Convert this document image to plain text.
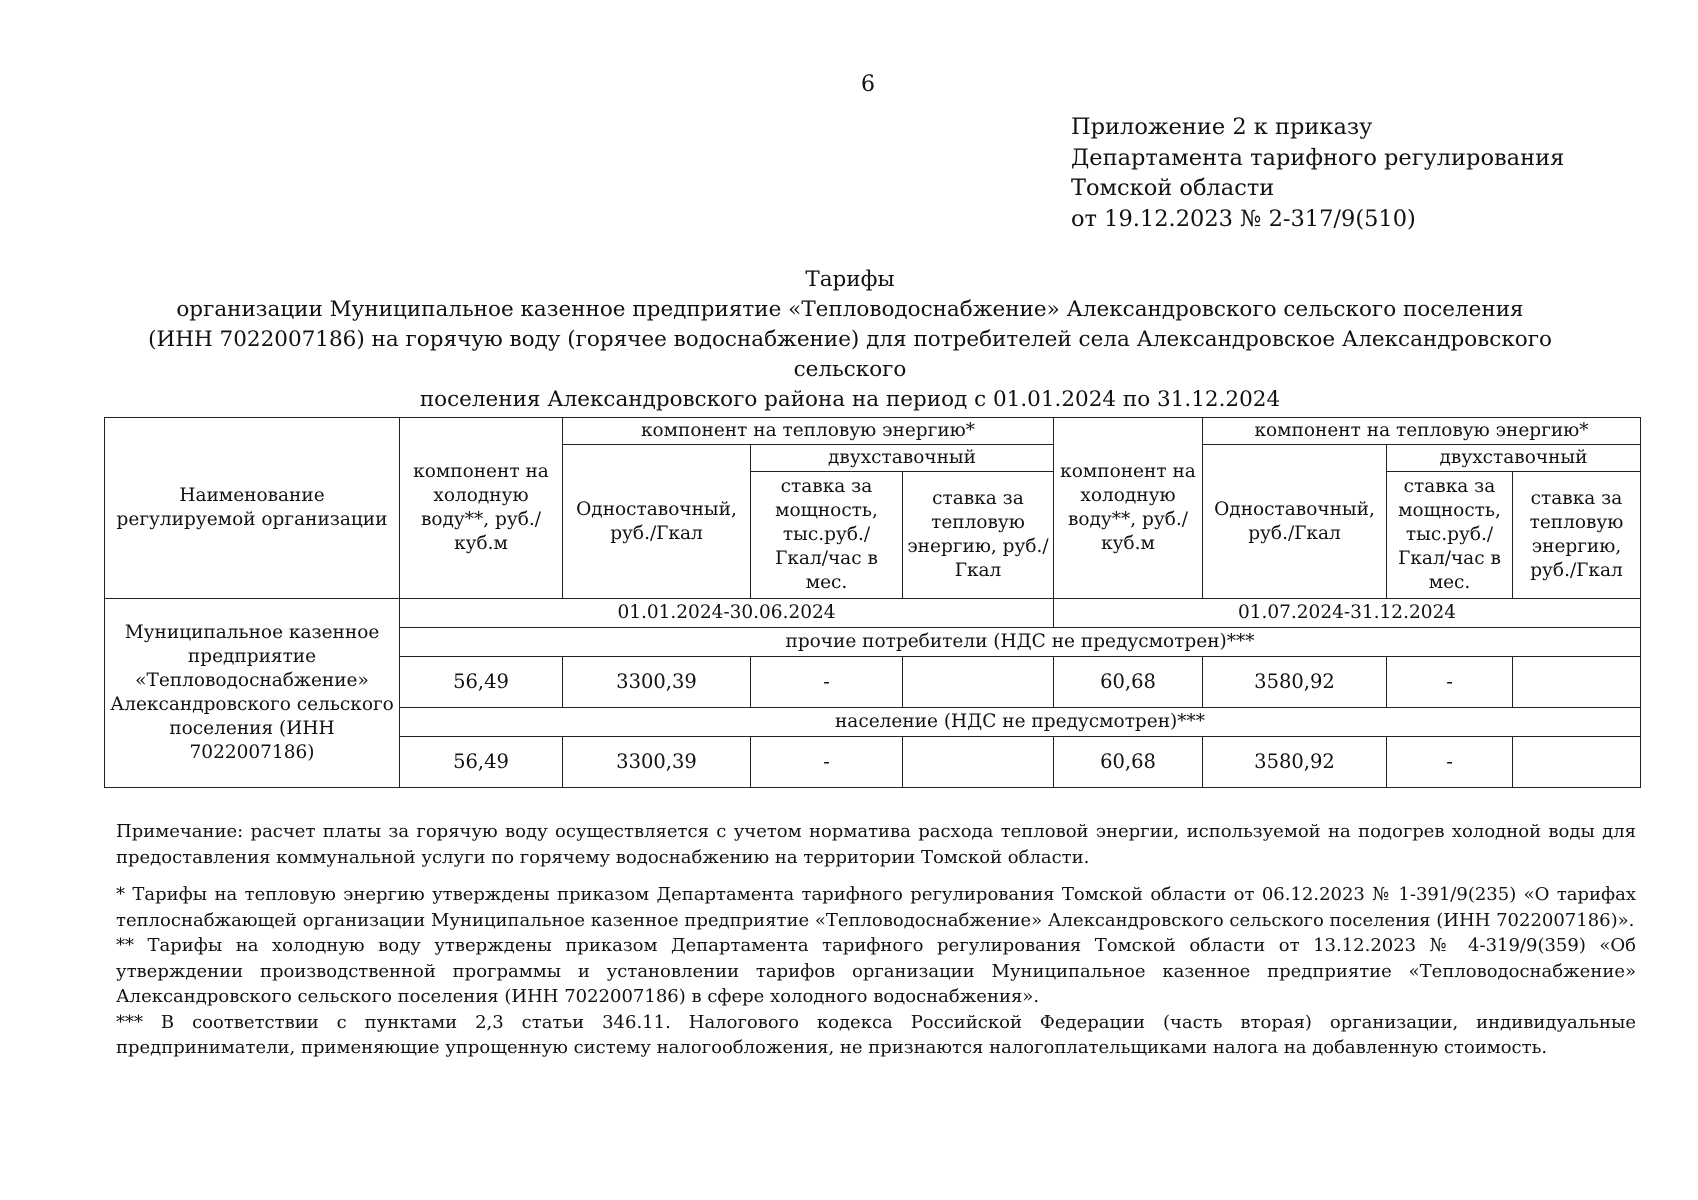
6
Приложение 2 к приказу
Департамента тарифного регулирования
Томской области
от 19.12.2023 № 2-317/9(510)
Тарифы
организации Муниципальное казенное предприятие «Тепловодоснабжение» Александровского сельского поселения
(ИНН 7022007186) на горячую воду (горячее водоснабжение) для потребителей села Александровское Александровского сельского
поселения Александровского района на период с 01.01.2024 по 31.12.2024
Наименование регулируемой организации	компонент на холодную воду**, руб./куб.м	компонент на тепловую энергию*			компонент на холодную воду**, руб./куб.м	компонент на тепловую энергию*		
		Одноставочный, руб./Гкал	двухставочный			Одноставочный, руб./Гкал	двухставочный	
			ставка за мощность, тыс.руб./ Гкал/час в мес.	ставка за тепловую энергию, руб./Гкал			ставка за мощность, тыс.руб./ Гкал/час в мес.	ставка за тепловую энергию, руб./Гкал
Муниципальное казенное предприятие «Тепловодоснабжение» Александровского сельского поселения (ИНН 7022007186)	01.01.2024-30.06.2024				01.07.2024-31.12.2024			
	прочие потребители (НДС не предусмотрен)***							
	56,49	3300,39	-		60,68	3580,92	-	
	население (НДС не предусмотрен)***							
	56,49	3300,39	-		60,68	3580,92	-	
Примечание: расчет платы за горячую воду осуществляется с учетом норматива расхода тепловой энергии, используемой на подогрев холодной воды для предоставления коммунальной услуги по горячему водоснабжению на территории Томской области.

* Тарифы на тепловую энергию утверждены приказом Департамента тарифного регулирования Томской области от 06.12.2023 № 1-391/9(235) «О тарифах теплоснабжающей организации Муниципальное казенное предприятие «Тепловодоснабжение» Александровского сельского поселения (ИНН 7022007186)».

** Тарифы на холодную воду утверждены приказом Департамента тарифного регулирования Томской области от 13.12.2023 № 4-319/9(359) «Об утверждении производственной программы и установлении тарифов организации Муниципальное казенное предприятие «Тепловодоснабжение» Александровского сельского поселения (ИНН 7022007186) в сфере холодного водоснабжения».

*** В соответствии с пунктами 2,3 статьи 346.11. Налогового кодекса Российской Федерации (часть вторая) организации, индивидуальные предприниматели, применяющие упрощенную систему налогообложения, не признаются налогоплательщиками налога на добавленную стоимость.
